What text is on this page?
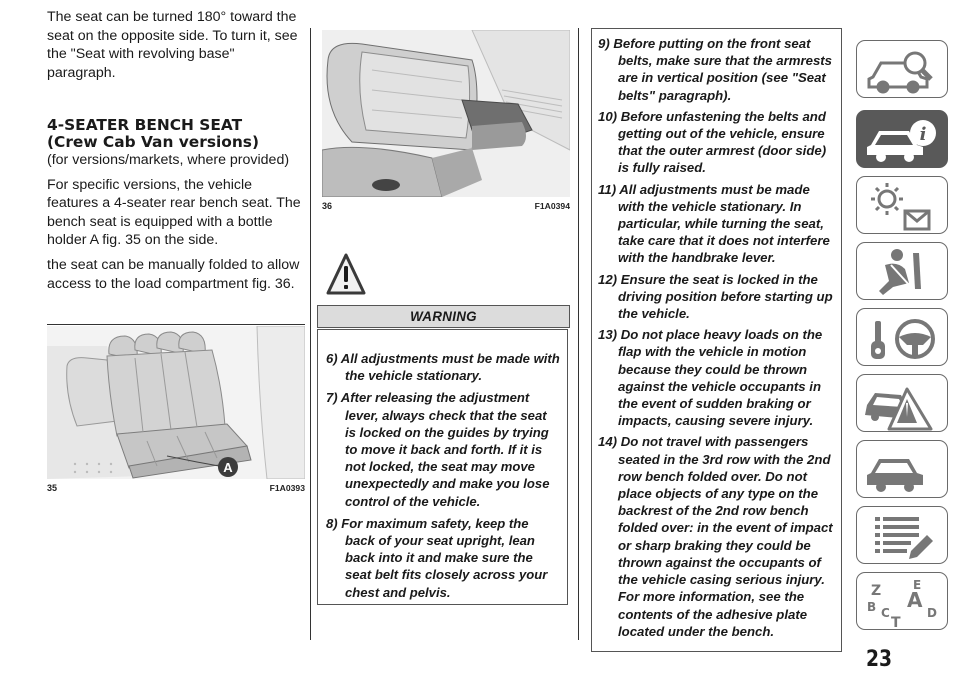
The seat can be turned 180° toward the seat on the opposite side. To turn it, see the "Seat with revolving base" paragraph.

4-SEATER BENCH SEAT

(Crew Cab Van versions)

(for versions/markets, where provided)

For specific versions, the vehicle features a 4-seater rear bench seat. The bench seat is equipped with a bottle holder A fig. 35 on the side.

the seat can be manually folded to allow access to the load compartment fig. 36.

A
35	F1A0393
36	F1A0394
WARNING
6) All adjustments must be made with the vehicle stationary.
7) After releasing the adjustment lever, always check that the seat is locked on the guides by trying to move it back and forth. If it is not locked, the seat may move unexpectedly and make you lose control of the vehicle.
8) For maximum safety, keep the back of your seat upright, lean back into it and make sure the seat belt fits closely across your chest and pelvis.
9) Before putting on the front seat belts, make sure that the armrests are in vertical position (see "Seat belts" paragraph).
10) Before unfastening the belts and getting out of the vehicle, ensure that the outer armrest (door side) is fully raised.
11) All adjustments must be made with the vehicle stationary. In particular, while turning the seat, take care that it does not interfere with the handbrake lever.
12) Ensure the seat is locked in the driving position before starting up the vehicle.
13) Do not place heavy loads on the flap with the vehicle in motion because they could be thrown against the vehicle occupants in the event of sudden braking or impacts, causing severe injury.
14) Do not travel with passengers seated in the 3rd row with the 2nd row bench folded over. Do not place objects of any type on the backrest of the 2nd row bench folded over: in the event of impact or sharp braking they could be thrown against the occupants of the vehicle casing serious injury. For more information, see the contents of the adhesive plate located under the bench.
i
Z	E
A
B C
T
D
23
